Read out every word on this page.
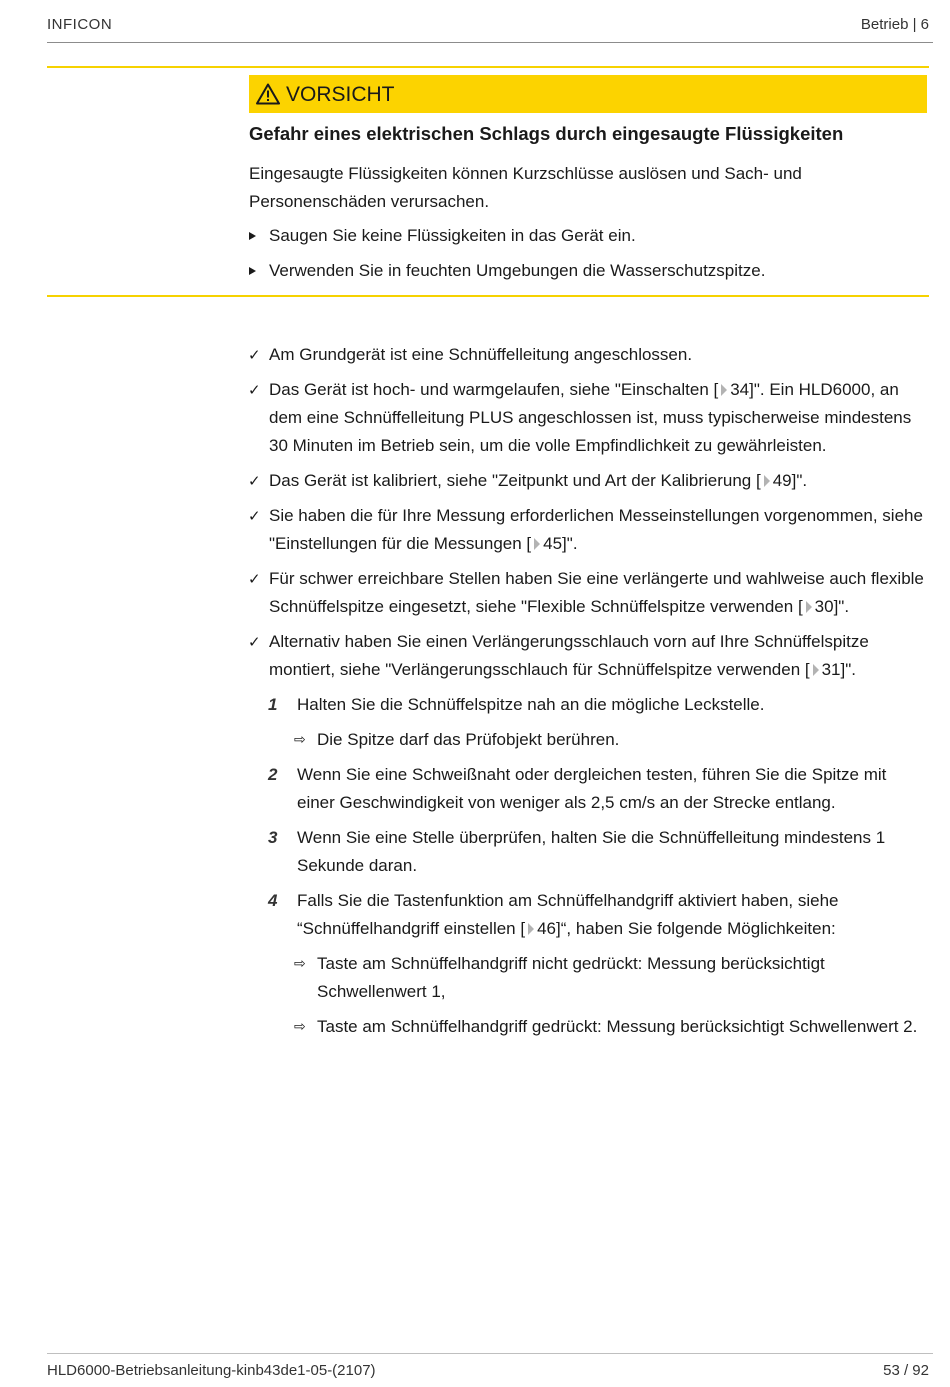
INFICON	Betrieb | 6
VORSICHT
Gefahr eines elektrischen Schlags durch eingesaugte Flüssigkeiten
Eingesaugte Flüssigkeiten können Kurzschlüsse auslösen und Sach- und Personenschäden verursachen.
Saugen Sie keine Flüssigkeiten in das Gerät ein.
Verwenden Sie in feuchten Umgebungen die Wasserschutzspitze.
✓ Am Grundgerät ist eine Schnüffelleitung angeschlossen.
✓ Das Gerät ist hoch- und warmgelaufen, siehe "Einschalten [ 34]". Ein HLD6000, an dem eine Schnüffelleitung PLUS angeschlossen ist, muss typischerweise mindestens 30 Minuten im Betrieb sein, um die volle Empfindlichkeit zu gewährleisten.
✓ Das Gerät ist kalibriert, siehe "Zeitpunkt und Art der Kalibrierung [ 49]".
✓ Sie haben die für Ihre Messung erforderlichen Messeinstellungen vorgenommen, siehe "Einstellungen für die Messungen [ 45]".
✓ Für schwer erreichbare Stellen haben Sie eine verlängerte und wahlweise auch flexible Schnüffelspitze eingesetzt, siehe "Flexible Schnüffelspitze verwenden [ 30]".
✓ Alternativ haben Sie einen Verlängerungsschlauch vorn auf Ihre Schnüffelspitze montiert, siehe "Verlängerungsschlauch für Schnüffelspitze verwenden [ 31]".
1 Halten Sie die Schnüffelspitze nah an die mögliche Leckstelle.
⇨ Die Spitze darf das Prüfobjekt berühren.
2 Wenn Sie eine Schweißnaht oder dergleichen testen, führen Sie die Spitze mit einer Geschwindigkeit von weniger als 2,5 cm/s an der Strecke entlang.
3 Wenn Sie eine Stelle überprüfen, halten Sie die Schnüffelleitung mindestens 1 Sekunde daran.
4 Falls Sie die Tastenfunktion am Schnüffelhandgriff aktiviert haben, siehe “Schnüffelhandgriff einstellen [ 46]“, haben Sie folgende Möglichkeiten:
⇨ Taste am Schnüffelhandgriff nicht gedrückt: Messung berücksichtigt Schwellenwert 1,
⇨ Taste am Schnüffelhandgriff gedrückt: Messung berücksichtigt Schwellenwert 2.
HLD6000-Betriebsanleitung-kinb43de1-05-(2107)	53 / 92
